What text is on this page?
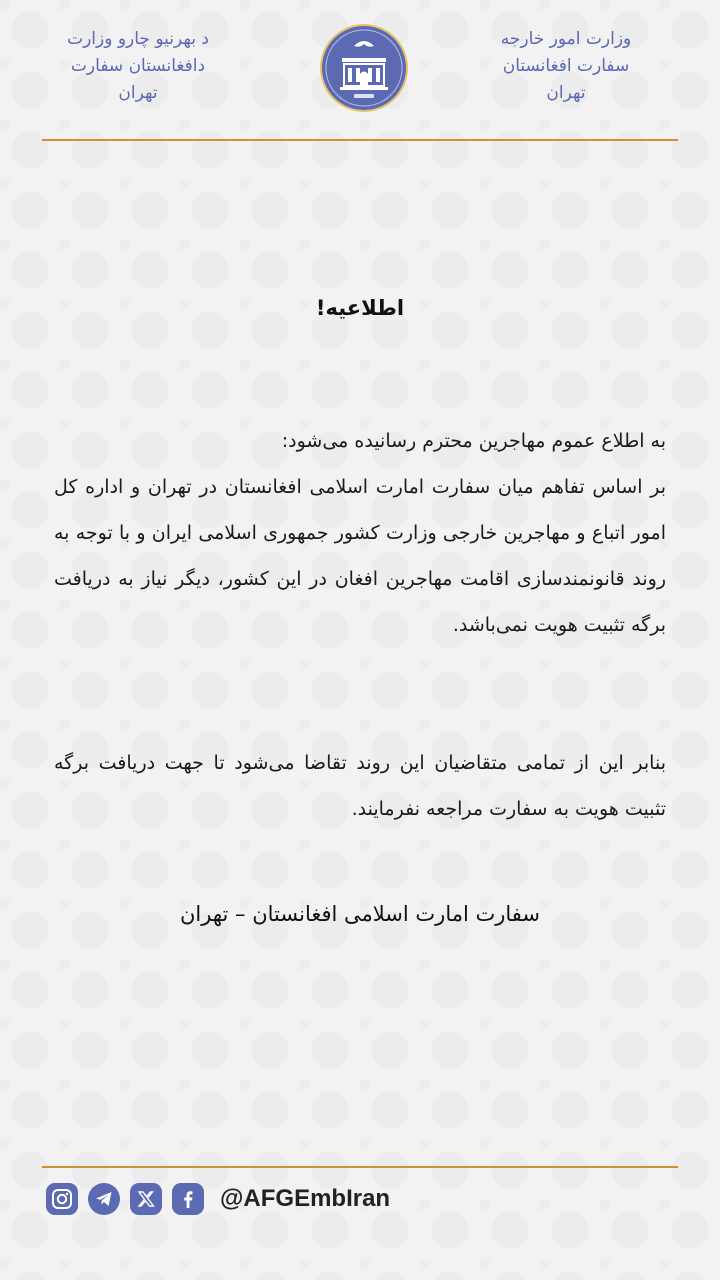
وزارت امور خارجه
سفارت افغانستان
تهران
د بهرنیو چارو وزارت
دافغانستان سفارت
تهران
اطلاعیه!

به اطلاع عموم مهاجرین محترم رسانیده می‌شود:

بر اساس تفاهم میان سفارت امارت اسلامی افغانستان در تهران و اداره کل امور اتباع و مهاجرین خارجی وزارت کشور جمهوری اسلامی ایران و با توجه به روند قانونمندسازی اقامت مهاجرین افغان در این کشور، دیگر نیاز به دریافت برگه تثبیت هویت نمی‌باشد.

بنابر این از تمامی متقاضیان این روند تقاضا می‌شود تا جهت دریافت برگه تثبیت هویت به سفارت مراجعه نفرمایند.

سفارت امارت اسلامی افغانستان – تهران
@AFGEmbIran
